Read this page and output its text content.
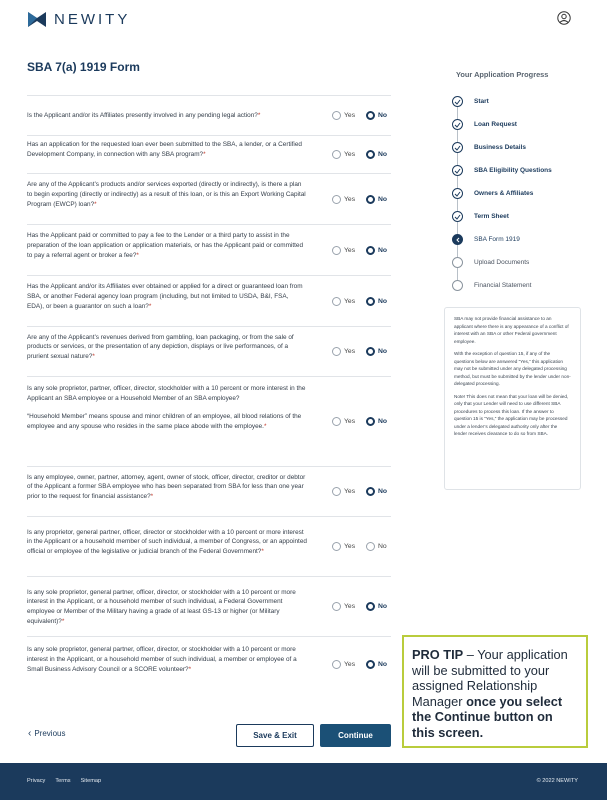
NEWITY
SBA 7(a) 1919 Form
Is the Applicant and/or its Affiliates presently involved in any pending legal action?*	Yes	No
Has an application for the requested loan ever been submitted to the SBA, a lender, or a Certified Development Company, in connection with any SBA program?*	Yes	No
Are any of the Applicant’s products and/or services exported (directly or indirectly), is there a plan to begin exporting (directly or indirectly) as a result of this loan, or is this an Export Working Capital Program (EWCP) loan?*
Yes	No
Has the Applicant paid or committed to pay a fee to the Lender or a third party to assist in the preparation of the loan application or application materials, or has the Applicant paid or committed to pay a referral agent or broker a fee?*
Yes	No
Has the Applicant and/or its Affiliates ever obtained or applied for a direct or guaranteed loan from SBA, or another Federal agency loan program (including, but not limited to USDA, B&I, FSA, EDA), or been a guarantor on such a loan?*
Yes	No
Are any of the Applicant’s revenues derived from gambling, loan packaging, or from the sale of products or services, or the presentation of any depiction, displays or live performances, of a prurient sexual nature?*
Yes	No
Is any sole proprietor, partner, officer, director, stockholder with a 10 percent or more interest in the Applicant an SBA employee or a Household Member of an SBA employee?
“Household Member” means spouse and minor children of an employee, all blood relations of the employee and any spouse who resides in the same place abode with the employee.*
Yes	No
Is any employee, owner, partner, attorney, agent, owner of stock, officer, director, creditor or debtor of the Applicant a former SBA employee who has been separated from SBA for less than one year prior to the request for financial assistance?*
Yes	No
Is any proprietor, general partner, officer, director or stockholder with a 10 percent or more interest in the Applicant or a household member of such individual, a member of Congress, or an appointed official or employee of the legislative or judicial branch of the Federal Government?*
Yes	No
Is any sole proprietor, general partner, officer, director, or stockholder with a 10 percent or more interest in the Applicant, or a household member of such individual, a Federal Government employee or Member of the Military having a grade of at least GS-13 or higher (or Military equivalent)?*
Yes	No
Is any sole proprietor, general partner, officer, director, or stockholder with a 10 percent or more interest in the Applicant, or a household member of such individual, a member or employee of a Small Business Advisory Council or a SCORE volunteer?*
Yes	No
Your Application Progress
Start
Loan Request
Business Details
SBA Eligibility Questions
Owners & Affiliates
Term Sheet
SBA Form 1919
Upload Documents
Financial Statement

SBA may not provide financial assistance to an applicant where there is any appearance of a conflict of interest with an SBA or other Federal government employee.

With the exception of question 15, if any of the questions below are answered “Yes,” this application may not be submitted under any delegated processing method, but must be submitted by the lender under non-delegated processing.

Note! This does not mean that your loan will be denied, only that your Lender will need to use different SBA procedures to process this loan. If the answer to question 15 is “Yes,” the application may be processed under a lender’s delegated authority only after the lender receives clearance to do so from SBA.

PRO TIP – Your application will be submitted to your assigned Relationship Manager once you select the Continue button on this screen.
‹ Previous	Save & Exit	Continue
Privacy Terms Sitemap	© 2022 NEWITY
